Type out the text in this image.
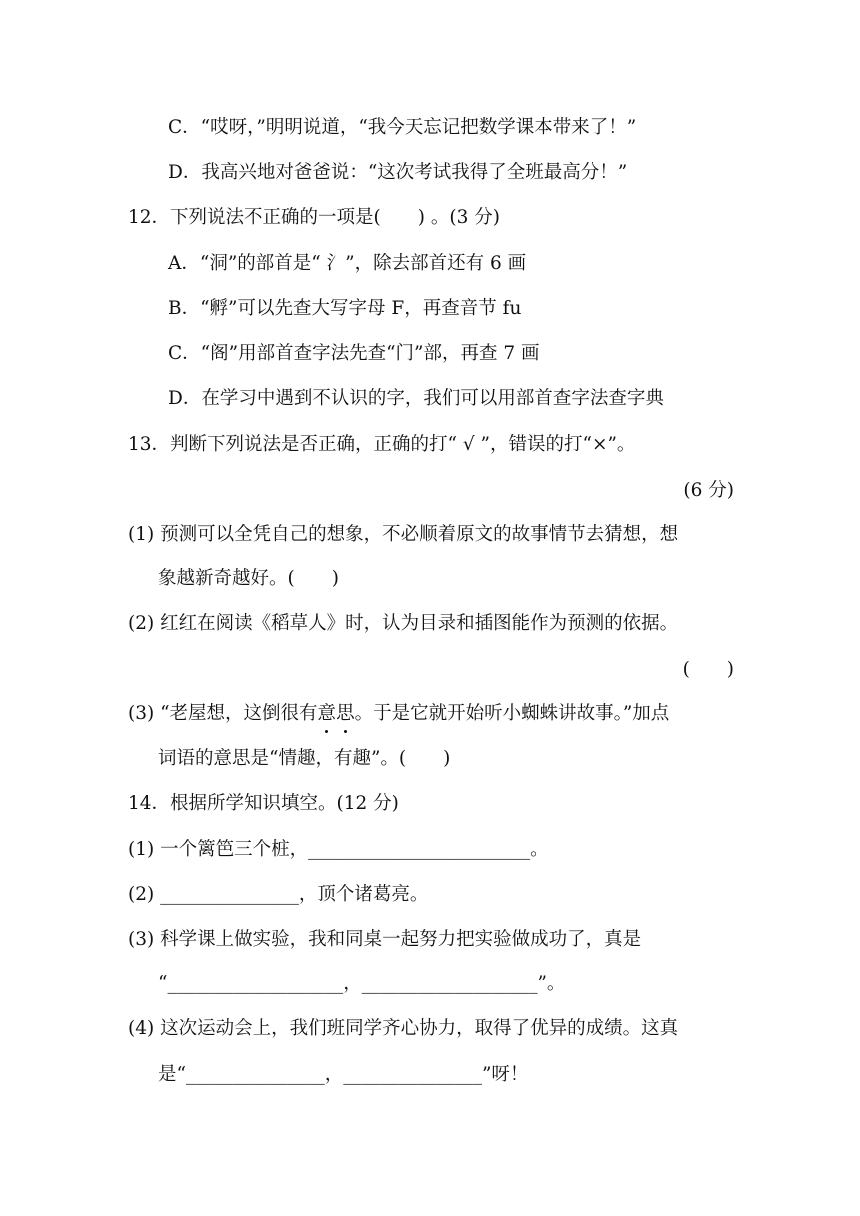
C．“哎呀，”明明说道，“我今天忘记把数学课本带来了！”
D．我高兴地对爸爸说：“这次考试我得了全班最高分！”
12．下列说法不正确的一项是(　　) 。(3 分)
A．“洞”的部首是“ 氵”，除去部首还有 6 画
B．“孵”可以先查大写字母 F，再查音节 fu
C．“阁”用部首查字法先查“门”部，再查 7 画
D．在学习中遇到不认识的字，我们可以用部首查字法查字典
13．判断下列说法是否正确，正确的打“ √ ”，错误的打“×”。
(6 分)
(1) 预测可以全凭自己的想象，不必顺着原文的故事情节去猜想，想
象越新奇越好。(　　)
(2) 红红在阅读《稻草人》时，认为目录和插图能作为预测的依据。
(　　)
(3) “老屋想，这倒很有意思。于是它就开始听小蜘蛛讲故事。”加点
词语的意思是“情趣，有趣”。(　　)
14．根据所学知识填空。(12 分)
(1) 一个篱笆三个桩，________________________。
(2) _______________，顶个诸葛亮。
(3) 科学课上做实验，我和同桌一起努力把实验做成功了，真是
“___________________，___________________”。
(4) 这次运动会上，我们班同学齐心协力，取得了优异的成绩。这真
是“_______________，_______________”呀！
